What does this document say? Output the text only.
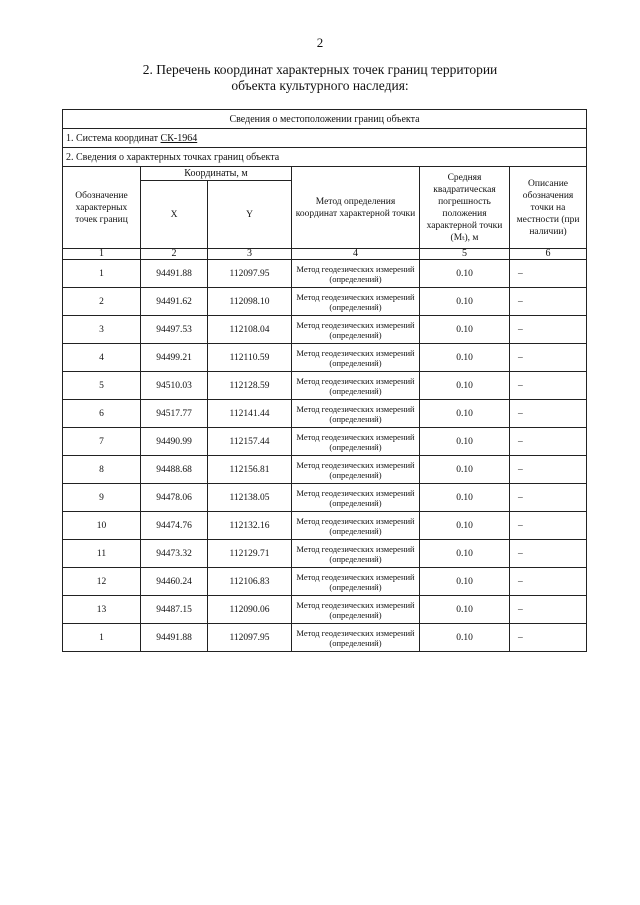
2
2. Перечень координат характерных точек границ территории
объекта культурного наследия:
Сведения о местоположении границ объекта					
1. Система координат СК-1964					
2. Сведения о характерных точках границ объекта					
Обозначение характерных точек границ	Координаты, м		Метод определения координат характерной точки	Средняя квадратическая погрешность положения характерной точки (Mₜ), м	Описание обозначения точки на местности (при наличии)
	X	Y			
1	2	3	4	5	6
1	94491.88	112097.95	Метод геодезических измерений (определений)	0.10	–
2	94491.62	112098.10	Метод геодезических измерений (определений)	0.10	–
3	94497.53	112108.04	Метод геодезических измерений (определений)	0.10	–
4	94499.21	112110.59	Метод геодезических измерений (определений)	0.10	–
5	94510.03	112128.59	Метод геодезических измерений (определений)	0.10	–
6	94517.77	112141.44	Метод геодезических измерений (определений)	0.10	–
7	94490.99	112157.44	Метод геодезических измерений (определений)	0.10	–
8	94488.68	112156.81	Метод геодезических измерений (определений)	0.10	–
9	94478.06	112138.05	Метод геодезических измерений (определений)	0.10	–
10	94474.76	112132.16	Метод геодезических измерений (определений)	0.10	–
11	94473.32	112129.71	Метод геодезических измерений (определений)	0.10	–
12	94460.24	112106.83	Метод геодезических измерений (определений)	0.10	–
13	94487.15	112090.06	Метод геодезических измерений (определений)	0.10	–
1	94491.88	112097.95	Метод геодезических измерений (определений)	0.10	–
